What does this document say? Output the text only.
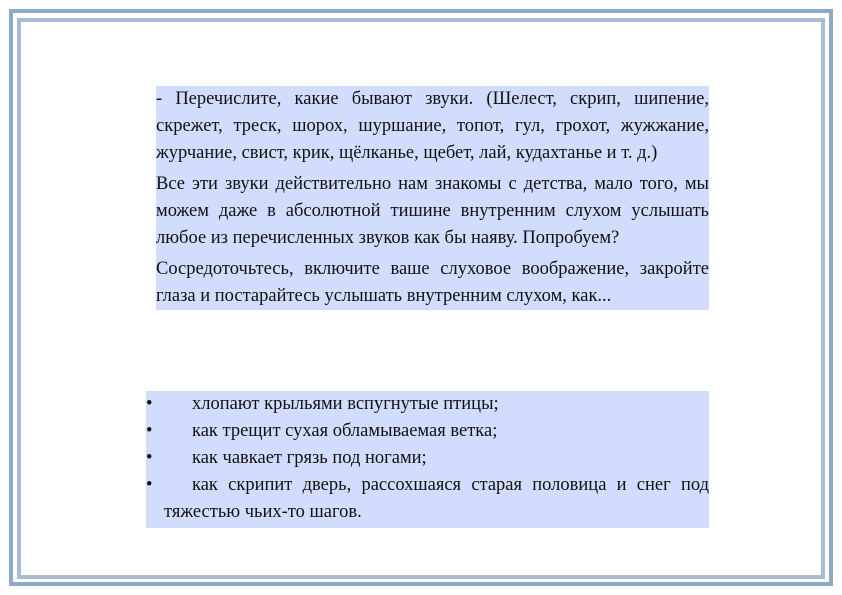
- Перечислите, какие бывают звуки. (Шелест, скрип, шипение, скрежет, треск, шорох, шуршание, топот, гул, грохот, жужжание, журчание, свист, крик, щёлканье, щебет, лай, кудахтанье и т. д.)

Все эти звуки действительно нам знакомы с детства, мало того, мы можем даже в абсолютной тишине внутренним слухом услышать любое из перечисленных звуков как бы наяву. Попробуем?

Сосредоточьтесь, включите ваше слуховое воображение, закройте глаза и постарайтесь услышать внутренним слухом, как...

• хлопают крыльями вспугнутые птицы;
• как трещит сухая обламываемая ветка;
• как чавкает грязь под ногами;
• как скрипит дверь, рассохшаяся старая половица и снег под тяжестью чьих-то шагов.
